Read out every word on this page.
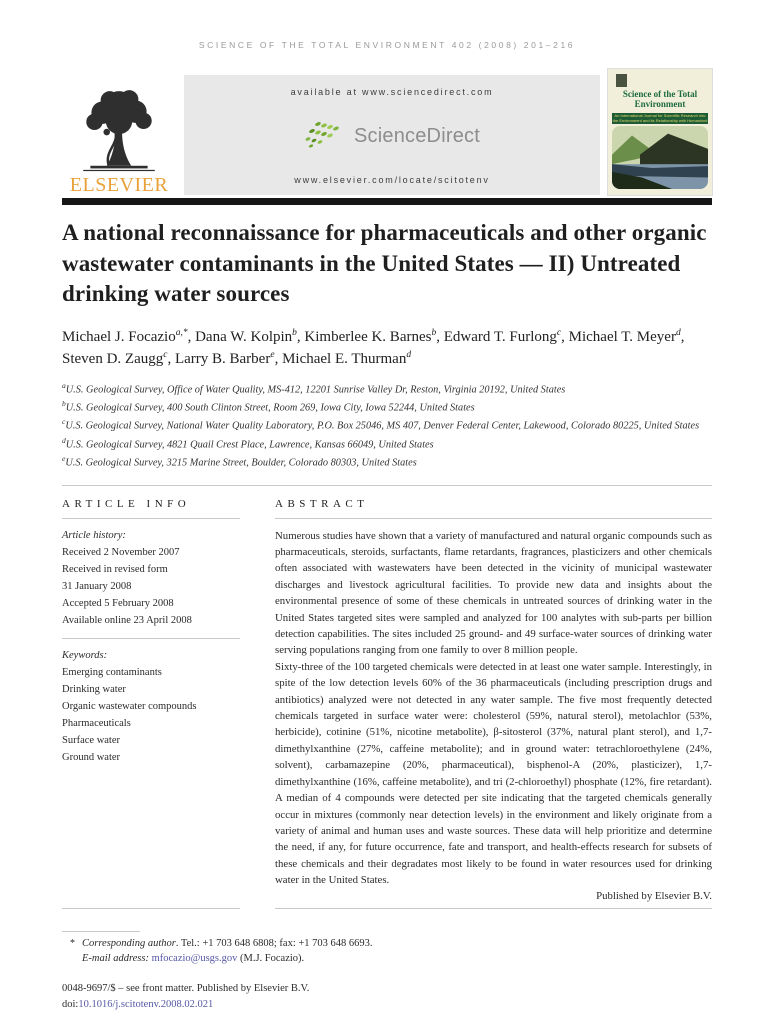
SCIENCE OF THE TOTAL ENVIRONMENT 402 (2008) 201–216
ELSEVIER
available at www.sciencedirect.com
ScienceDirect
www.elsevier.com/locate/scitotenv
Science of the Total Environment
An International Journal for Scientific Research into the Environment and its Relationship with Humankind
A national reconnaissance for pharmaceuticals and other organic wastewater contaminants in the United States — II) Untreated drinking water sources
Michael J. Focazio$^{a,*}$, Dana W. Kolpin$^b$, Kimberlee K. Barnes$^b$, Edward T. Furlong$^c$, Michael T. Meyer$^d$, Steven D. Zaugg$^c$, Larry B. Barber$^e$, Michael E. Thurman$^d$
$^a$U.S. Geological Survey, Office of Water Quality, MS-412, 12201 Sunrise Valley Dr, Reston, Virginia 20192, United States
$^b$U.S. Geological Survey, 400 South Clinton Street, Room 269, Iowa City, Iowa 52244, United States
$^c$U.S. Geological Survey, National Water Quality Laboratory, P.O. Box 25046, MS 407, Denver Federal Center, Lakewood, Colorado 80225, United States
$^d$U.S. Geological Survey, 4821 Quail Crest Place, Lawrence, Kansas 66049, United States
$^e$U.S. Geological Survey, 3215 Marine Street, Boulder, Colorado 80303, United States
ARTICLE INFO
Article history:
Received 2 November 2007
Received in revised form
31 January 2008
Accepted 5 February 2008
Available online 23 April 2008
Keywords:
Emerging contaminants
Drinking water
Organic wastewater compounds
Pharmaceuticals
Surface water
Ground water
ABSTRACT

Numerous studies have shown that a variety of manufactured and natural organic compounds such as pharmaceuticals, steroids, surfactants, flame retardants, fragrances, plasticizers and other chemicals often associated with wastewaters have been detected in the vicinity of municipal wastewater discharges and livestock agricultural facilities. To provide new data and insights about the environmental presence of some of these chemicals in untreated sources of drinking water in the United States targeted sites were sampled and analyzed for 100 analytes with sub-parts per billion detection capabilities. The sites included 25 ground- and 49 surface-water sources of drinking water serving populations ranging from one family to over 8 million people.

Sixty-three of the 100 targeted chemicals were detected in at least one water sample. Interestingly, in spite of the low detection levels 60% of the 36 pharmaceuticals (including prescription drugs and antibiotics) analyzed were not detected in any water sample. The five most frequently detected chemicals targeted in surface water were: cholesterol (59%, natural sterol), metolachlor (53%, herbicide), cotinine (51%, nicotine metabolite), β-sitosterol (37%, natural plant sterol), and 1,7-dimethylxanthine (27%, caffeine metabolite); and in ground water: tetrachloroethylene (24%, solvent), carbamazepine (20%, pharmaceutical), bisphenol-A (20%, plasticizer), 1,7-dimethylxanthine (16%, caffeine metabolite), and tri (2-chloroethyl) phosphate (12%, fire retardant). A median of 4 compounds were detected per site indicating that the targeted chemicals generally occur in mixtures (commonly near detection levels) in the environment and likely originate from a variety of animal and human uses and waste sources. These data will help prioritize and determine the need, if any, for future occurrence, fate and transport, and health-effects research for subsets of these chemicals and their degradates most likely to be found in water resources used for drinking water in the United States.

Published by Elsevier B.V.
* Corresponding author. Tel.: +1 703 648 6808; fax: +1 703 648 6693.
E-mail address: mfocazio@usgs.gov (M.J. Focazio).
0048-9697/$ – see front matter. Published by Elsevier B.V.
doi:10.1016/j.scitotenv.2008.02.021
